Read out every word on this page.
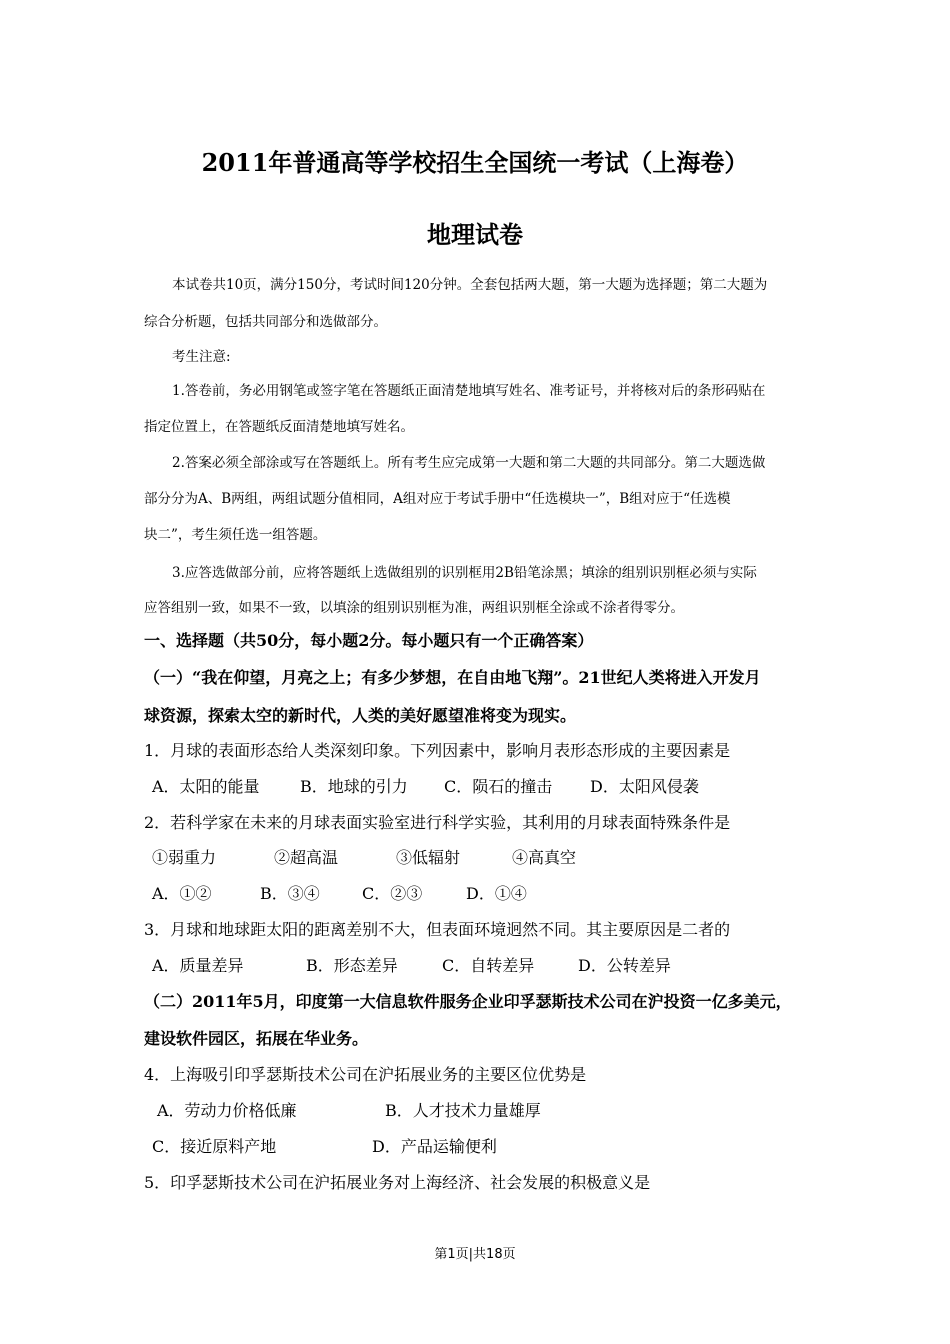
2011年普通高等学校招生全国统一考试（上海卷）
地理试卷
本试卷共10页，满分150分，考试时间120分钟。全套包括两大题，第一大题为选择题；第二大题为
综合分析题，包括共同部分和选做部分。
考生注意:
1.答卷前，务必用钢笔或签字笔在答题纸正面清楚地填写姓名、准考证号，并将核对后的条形码贴在
指定位置上，在答题纸反面清楚地填写姓名。
2.答案必须全部涂或写在答题纸上。所有考生应完成第一大题和第二大题的共同部分。第二大题选做
部分分为A、B两组，两组试题分值相同，A组对应于考试手册中“任选模块一”，B组对应于“任选模
块二”，考生须任选一组答题。
3.应答选做部分前，应将答题纸上选做组别的识别框用2B铅笔涂黑；填涂的组别识别框必须与实际
应答组别一致，如果不一致，以填涂的组别识别框为准，两组识别框全涂或不涂者得零分。
一、选择题（共50分，每小题2分。每小题只有一个正确答案）
（一）“我在仰望，月亮之上；有多少梦想，在自由地飞翔”。21世纪人类将进入开发月
球资源，探索太空的新时代，人类的美好愿望准将变为现实。
1．月球的表面形态给人类深刻印象。下列因素中，影响月表形态形成的主要因素是
A．太阳的能量	B．地球的引力 C．陨石的撞击 D．太阳风侵袭
2．若科学家在未来的月球表面实验室进行科学实验，其利用的月球表面特殊条件是
①弱重力	②超高温	③低辐射	④高真空
A．①②	B．③④	C．②③	D．①④
3．月球和地球距太阳的距离差别不大，但表面环境迥然不同。其主要原因是二者的
A．质量差异	B．形态差异	C．自转差异	D．公转差异
（二）2011年5月，印度第一大信息软件服务企业印孚瑟斯技术公司在沪投资一亿多美元，
建设软件园区，拓展在华业务。
4．上海吸引印孚瑟斯技术公司在沪拓展业务的主要区位优势是
A．劳动力价格低廉	B．人才技术力量雄厚
C．接近原料产地	D．产品运输便利
5．印孚瑟斯技术公司在沪拓展业务对上海经济、社会发展的积极意义是
第1页|共18页
